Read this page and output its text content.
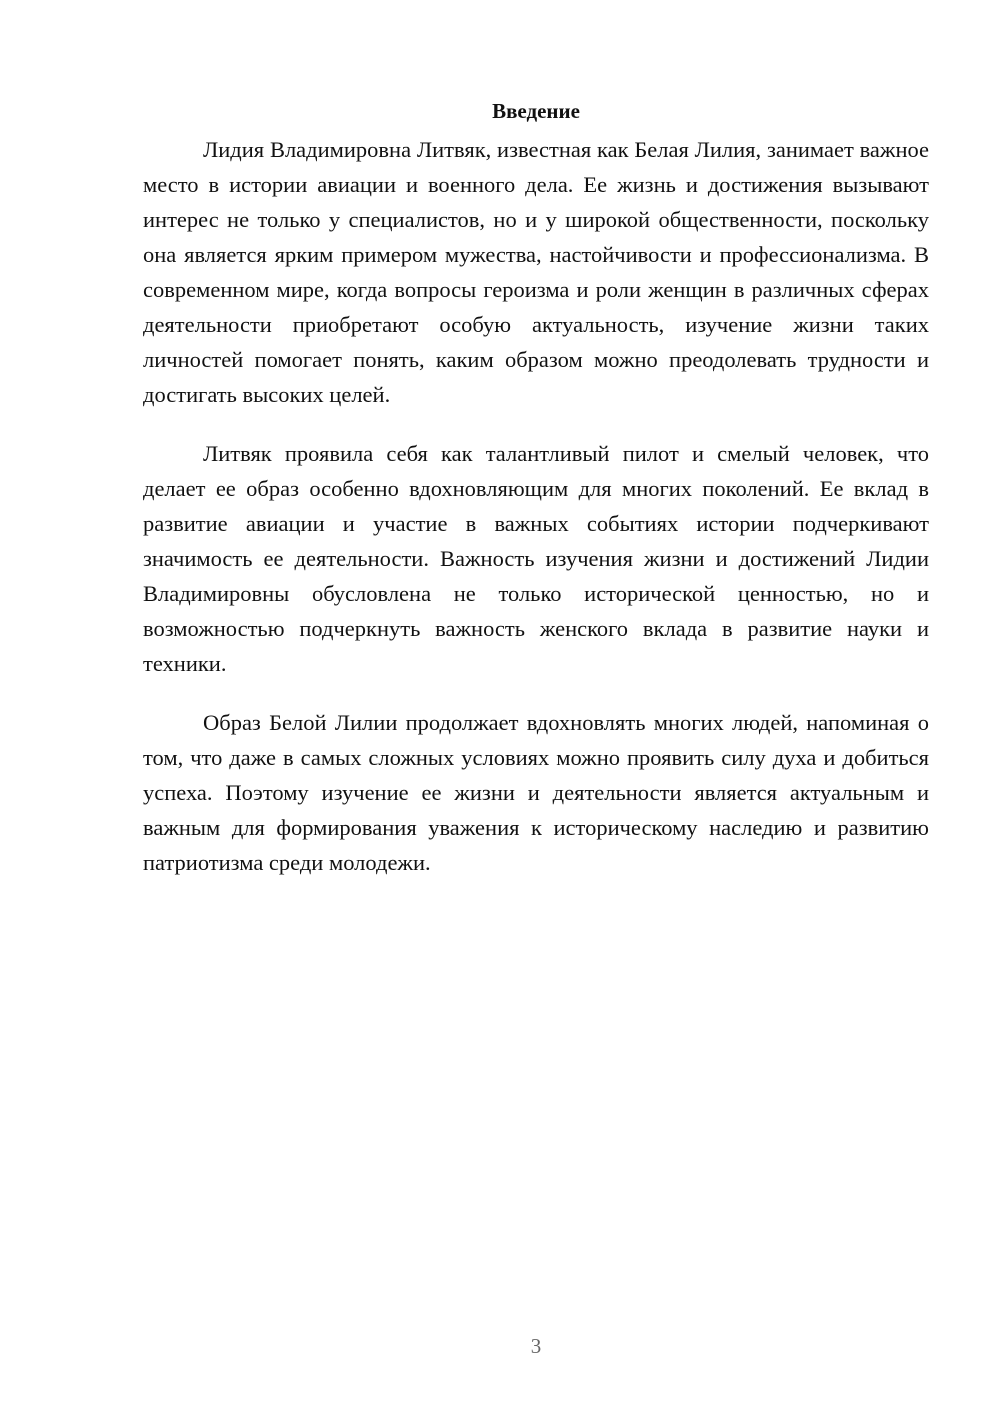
Введение

Лидия Владимировна Литвяк, известная как Белая Лилия, занимает важное место в истории авиации и военного дела. Ее жизнь и достижения вызывают интерес не только у специалистов, но и у широкой общественности, поскольку она является ярким примером мужества, настойчивости и профессионализма. В современном мире, когда вопросы героизма и роли женщин в различных сферах деятельности приобретают особую актуальность, изучение жизни таких личностей помогает понять, каким образом можно преодолевать трудности и достигать высоких целей.

Литвяк проявила себя как талантливый пилот и смелый человек, что делает ее образ особенно вдохновляющим для многих поколений. Ее вклад в развитие авиации и участие в важных событиях истории подчеркивают значимость ее деятельности. Важность изучения жизни и достижений Лидии Владимировны обусловлена не только исторической ценностью, но и возможностью подчеркнуть важность женского вклада в развитие науки и техники.

Образ Белой Лилии продолжает вдохновлять многих людей, напоминая о том, что даже в самых сложных условиях можно проявить силу духа и добиться успеха. Поэтому изучение ее жизни и деятельности является актуальным и важным для формирования уважения к историческому наследию и развитию патриотизма среди молодежи.

3
